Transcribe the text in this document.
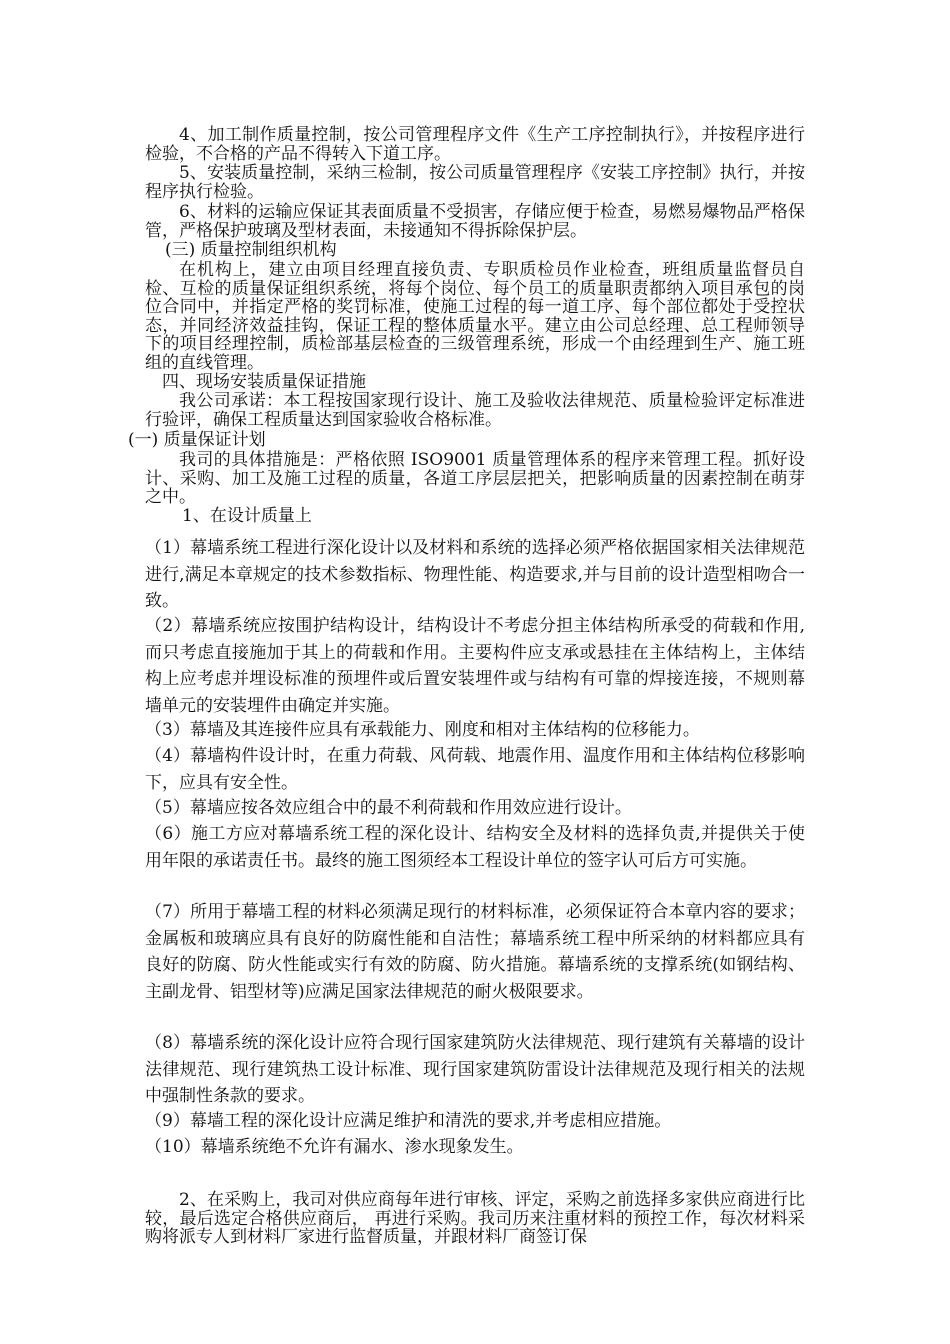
4、加工制作质量控制，按公司管理程序文件《生产工序控制执行》，并按程序进行检验，不合格的产品不得转入下道工序。

5、安装质量控制，采纳三检制，按公司质量管理程序《安装工序控制》执行，并按程序执行检验。

6、材料的运输应保证其表面质量不受损害，存储应便于检查，易燃易爆物品严格保管，严格保护玻璃及型材表面，未接通知不得拆除保护层。

(三) 质量控制组织机构

在机构上，建立由项目经理直接负责、专职质检员作业检查，班组质量监督员自检、互检的质量保证组织系统，将每个岗位、每个员工的质量职责都纳入项目承包的岗位合同中，并指定严格的奖罚标准，使施工过程的每一道工序、每个部位都处于受控状态，并同经济效益挂钩，保证工程的整体质量水平。建立由公司总经理、总工程师领导下的项目经理控制，质检部基层检查的三级管理系统，形成一个由经理到生产、施工班组的直线管理。

四、现场安装质量保证措施

我公司承诺：本工程按国家现行设计、施工及验收法律规范、质量检验评定标准进行验评，确保工程质量达到国家验收合格标准。

(一) 质量保证计划

我司的具体措施是：严格依照 ISO9001 质量管理体系的程序来管理工程。抓好设计、采购、加工及施工过程的质量，各道工序层层把关，把影响质量的因素控制在萌芽之中。

1、在设计质量上

（1）幕墙系统工程进行深化设计以及材料和系统的选择必须严格依据国家相关法律规范进行,满足本章规定的技术参数指标、物理性能、构造要求,并与目前的设计造型相吻合一致。

（2）幕墙系统应按围护结构设计，结构设计不考虑分担主体结构所承受的荷载和作用, 而只考虑直接施加于其上的荷载和作用。主要构件应支承或悬挂在主体结构上，主体结构上应考虑并埋设标准的预埋件或后置安装埋件或与结构有可靠的焊接连接，不规则幕墙单元的安装埋件由确定并实施。

（3）幕墙及其连接件应具有承载能力、刚度和相对主体结构的位移能力。

（4）幕墙构件设计时，在重力荷载、风荷载、地震作用、温度作用和主体结构位移影响下，应具有安全性。

（5）幕墙应按各效应组合中的最不利荷载和作用效应进行设计。

（6）施工方应对幕墙系统工程的深化设计、结构安全及材料的选择负责,并提供关于使用年限的承诺责任书。最终的施工图须经本工程设计单位的签字认可后方可实施。

（7）所用于幕墙工程的材料必须满足现行的材料标准，必须保证符合本章内容的要求；金属板和玻璃应具有良好的防腐性能和自洁性；幕墙系统工程中所采纳的材料都应具有良好的防腐、防火性能或实行有效的防腐、防火措施。幕墙系统的支撑系统(如钢结构、主副龙骨、铝型材等)应满足国家法律规范的耐火极限要求。

（8）幕墙系统的深化设计应符合现行国家建筑防火法律规范、现行建筑有关幕墙的设计法律规范、现行建筑热工设计标准、现行国家建筑防雷设计法律规范及现行相关的法规中强制性条款的要求。

（9）幕墙工程的深化设计应满足维护和清洗的要求,并考虑相应措施。

（10）幕墙系统绝不允许有漏水、渗水现象发生。

2、在采购上，我司对供应商每年进行审核、评定，采购之前选择多家供应商进行比较，最后选定合格供应商后， 再进行采购。我司历来注重材料的预控工作，每次材料采购将派专人到材料厂家进行监督质量，并跟材料厂商签订保
